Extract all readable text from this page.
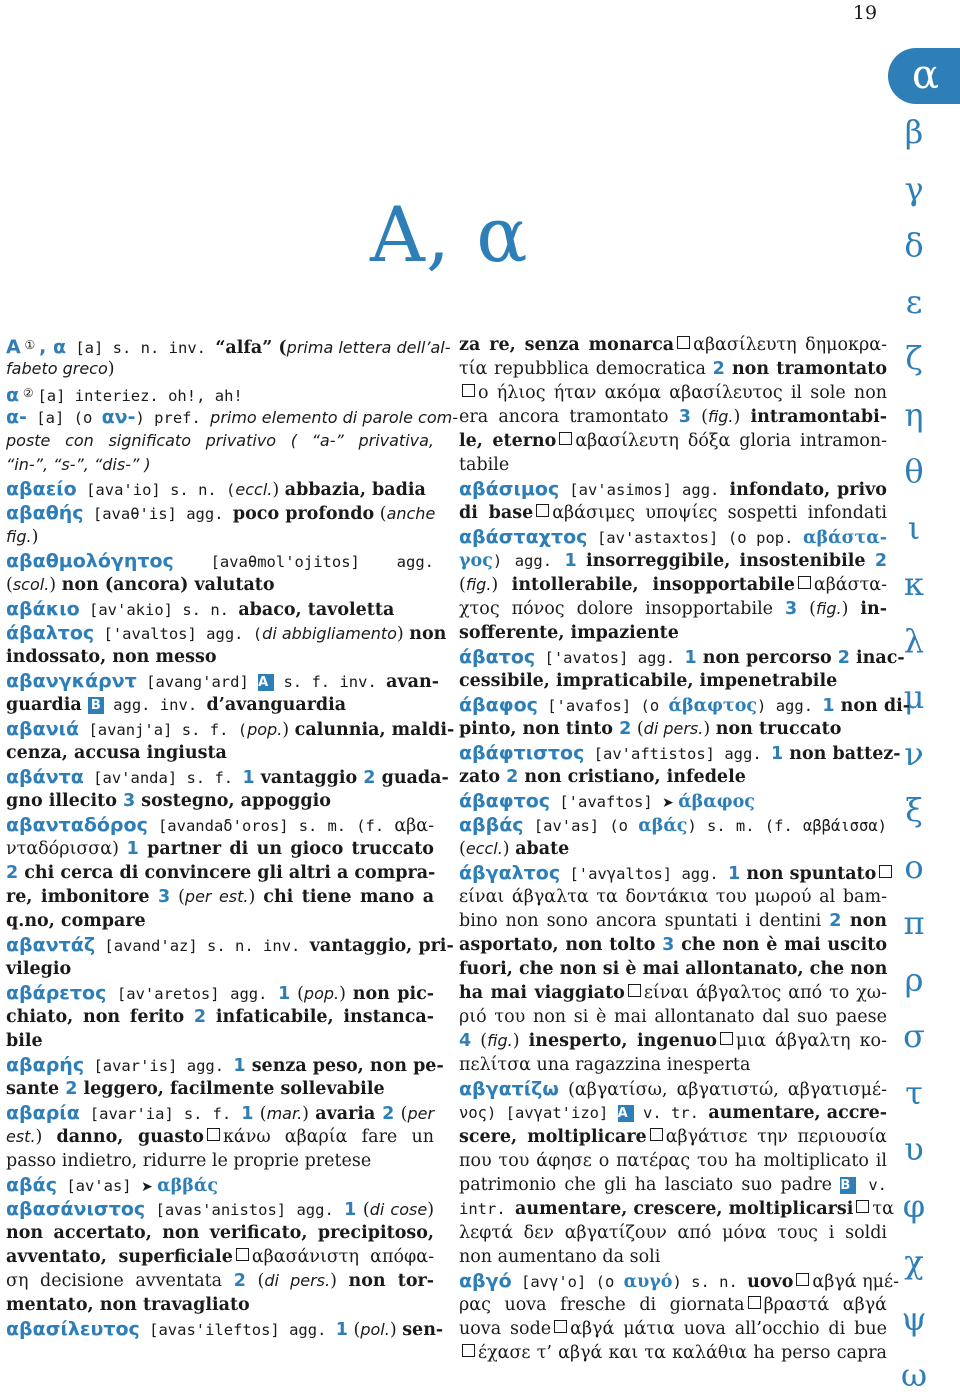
19
α
β
γ
δ
ε
ζ
η
θ
ι
κ
λ
μ
ν
ξ
ο
π
ρ
σ
τ
υ
φ
χ
ψ
ω
Α, α
Α ① , α [a] s. n. inv. “alfa” (prima lettera dell’al-
fabeto greco)
α ② [a] interiez. oh!, ah!
α- [a] (ο αν-) pref. primo elemento di parole com-
poste con significato privativo ( “a-” privativa,
“in-”, “s-”, “dis-” )
αβαείο [ava'io] s. n. (eccl.) abbazia, badia
αβαθής [avaθ'is] agg. poco profondo (anche
fig.)
αβαθμολόγητος [avaθmol'ojitos] agg.
(scol.) non (ancora) valutato
αβάκιο [av'akio] s. n. abaco, tavoletta
άβαλτος ['avaltos] agg. (di abbigliamento) non
indossato, non messo
αβανγκάρντ [avang'ard] A s. f. inv. avan-
guardia B agg. inv. d’avanguardia
αβανιά [avanj'a] s. f. (pop.) calunnia, maldi-
cenza, accusa ingiusta
αβάντα [av'anda] s. f. 1 vantaggio 2 guada-
gno illecito 3 sostegno, appoggio
αβανταδόρος [avandaδ'oros] s. m. (f. αβα-
νταδόρισσα) 1 partner di un gioco truccato
2 chi cerca di convincere gli altri a compra-
re, imbonitore 3 (per est.) chi tiene mano a
q.no, compare
αβαντάζ [avand'az] s. n. inv. vantaggio, pri-
vilegio
αβάρετος [av'aretos] agg. 1 (pop.) non pic-
chiato, non ferito 2 infaticabile, instanca-
bile
αβαρής [avar'is] agg. 1 senza peso, non pe-
sante 2 leggero, facilmente sollevabile
αβαρία [avar'ia] s. f. 1 (mar.) avaria 2 (per
est.) danno, guasto κάνω αβαρία fare un
passo indietro, ridurre le proprie pretese
αβάς [av'as] ➤ αββάς
αβασάνιστος [avas'anistos] agg. 1 (di cose)
non accertato, non verificato, precipitoso,
avventato, superficiale αβασάνιστη απόφα-
ση decisione avventata 2 (di pers.) non tor-
mentato, non travagliato
αβασίλευτος [avas'ileftos] agg. 1 (pol.) sen-
za re, senza monarca αβασίλευτη δημοκρα-
τία repubblica democratica 2 non tramontato
ο ήλιος ήταν ακόμα αβασίλευτος il sole non
era ancora tramontato 3 (fig.) intramontabi-
le, eterno αβασίλευτη δόξα gloria intramon-
tabile
αβάσιμος [av'asimos] agg. infondato, privo
di base αβάσιμες υποψίες sospetti infondati
αβάσταχτος [av'astaxtos] (ο pop. αβάστα-
γος) agg. 1 insorreggibile, insostenibile 2
(fig.) intollerabile, insopportabile αβάστα-
χτος πόνος dolore insopportabile 3 (fig.) in-
sofferente, impaziente
άβατος ['avatos] agg. 1 non percorso 2 inac-
cessibile, impraticabile, impenetrabile
άβαφος ['avafos] (ο άβαφτος) agg. 1 non di-
pinto, non tinto 2 (di pers.) non truccato
αβάφτιστος [av'aftistos] agg. 1 non battez-
zato 2 non cristiano, infedele
άβαφτος ['avaftos] ➤ άβαφος
αββάς [av'as] (ο αβάς) s. m. (f. αββάισσα)
(eccl.) abate
άβγαλτος ['avγaltos] agg. 1 non spuntato
είναι άβγαλτα τα δοντάκια του μωρού al bam-
bino non sono ancora spuntati i dentini 2 non
asportato, non tolto 3 che non è mai uscito
fuori, che non si è mai allontanato, che non
ha mai viaggiato είναι άβγαλτος από το χω-
ριό του non si è mai allontanato dal suo paese
4 (fig.) inesperto, ingenuo μια άβγαλτη κο-
πελίτσα una ragazzina inesperta
αβγατίζω (αβγατίσω, αβγατιστώ, αβγατισμέ-
νος) [avγat'izo] A v. tr. aumentare, accre-
scere, moltiplicare αβγάτισε την περιουσία
που του άφησε ο πατέρας του ha moltiplicato il
patrimonio che gli ha lasciato suo padre B v.
intr. aumentare, crescere, moltiplicarsi τα
λεφτά δεν αβγατίζουν από μόνα τους i soldi
non aumentano da soli
αβγό [avγ'o] (ο αυγό) s. n. uovo αβγά ημέ-
ρας uova fresche di giornata βραστά αβγά
uova sode αβγά μάτια uova all’occhio di bue
έχασε τ’ αβγά και τα καλάθια ha perso capra
